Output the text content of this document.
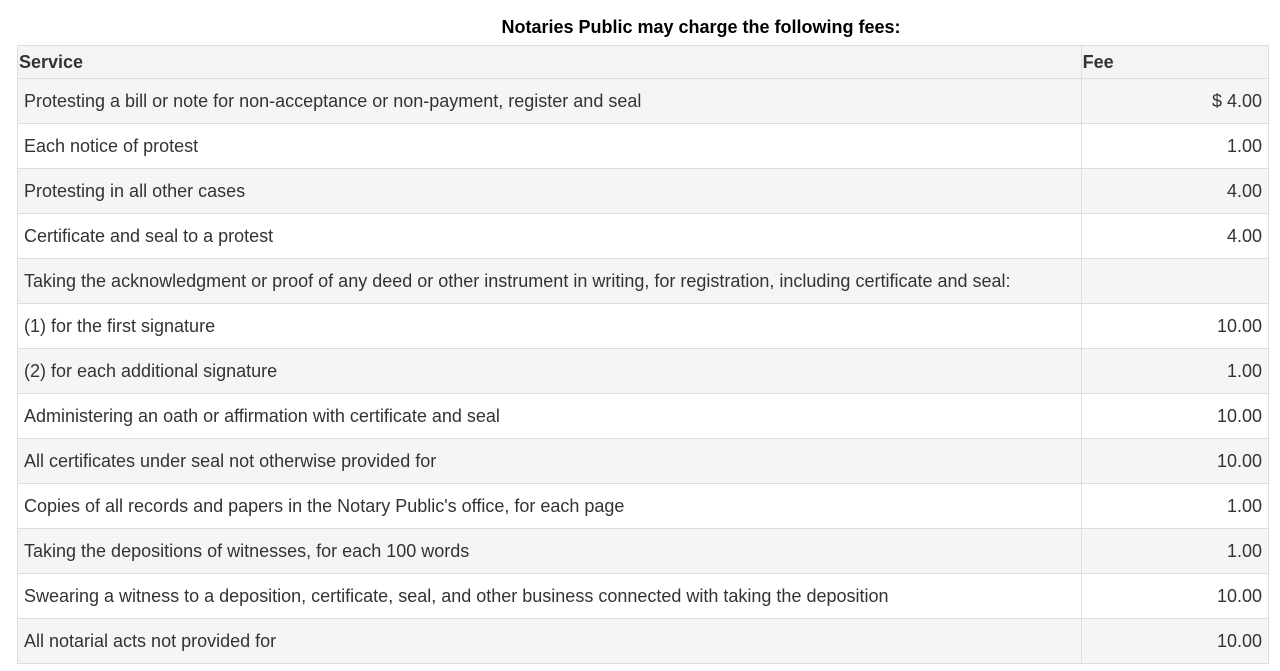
Notaries Public may charge the following fees:
Service	Fee
Protesting a bill or note for non-acceptance or non-payment, register and seal	$ 4.00
Each notice of protest	1.00
Protesting in all other cases	4.00
Certificate and seal to a protest	4.00
Taking the acknowledgment or proof of any deed or other instrument in writing, for registration, including certificate and seal:	
(1) for the first signature	10.00
(2) for each additional signature	1.00
Administering an oath or affirmation with certificate and seal	10.00
All certificates under seal not otherwise provided for	10.00
Copies of all records and papers in the Notary Public's office, for each page	1.00
Taking the depositions of witnesses, for each 100 words	1.00
Swearing a witness to a deposition, certificate, seal, and other business connected with taking the deposition	10.00
All notarial acts not provided for	10.00
